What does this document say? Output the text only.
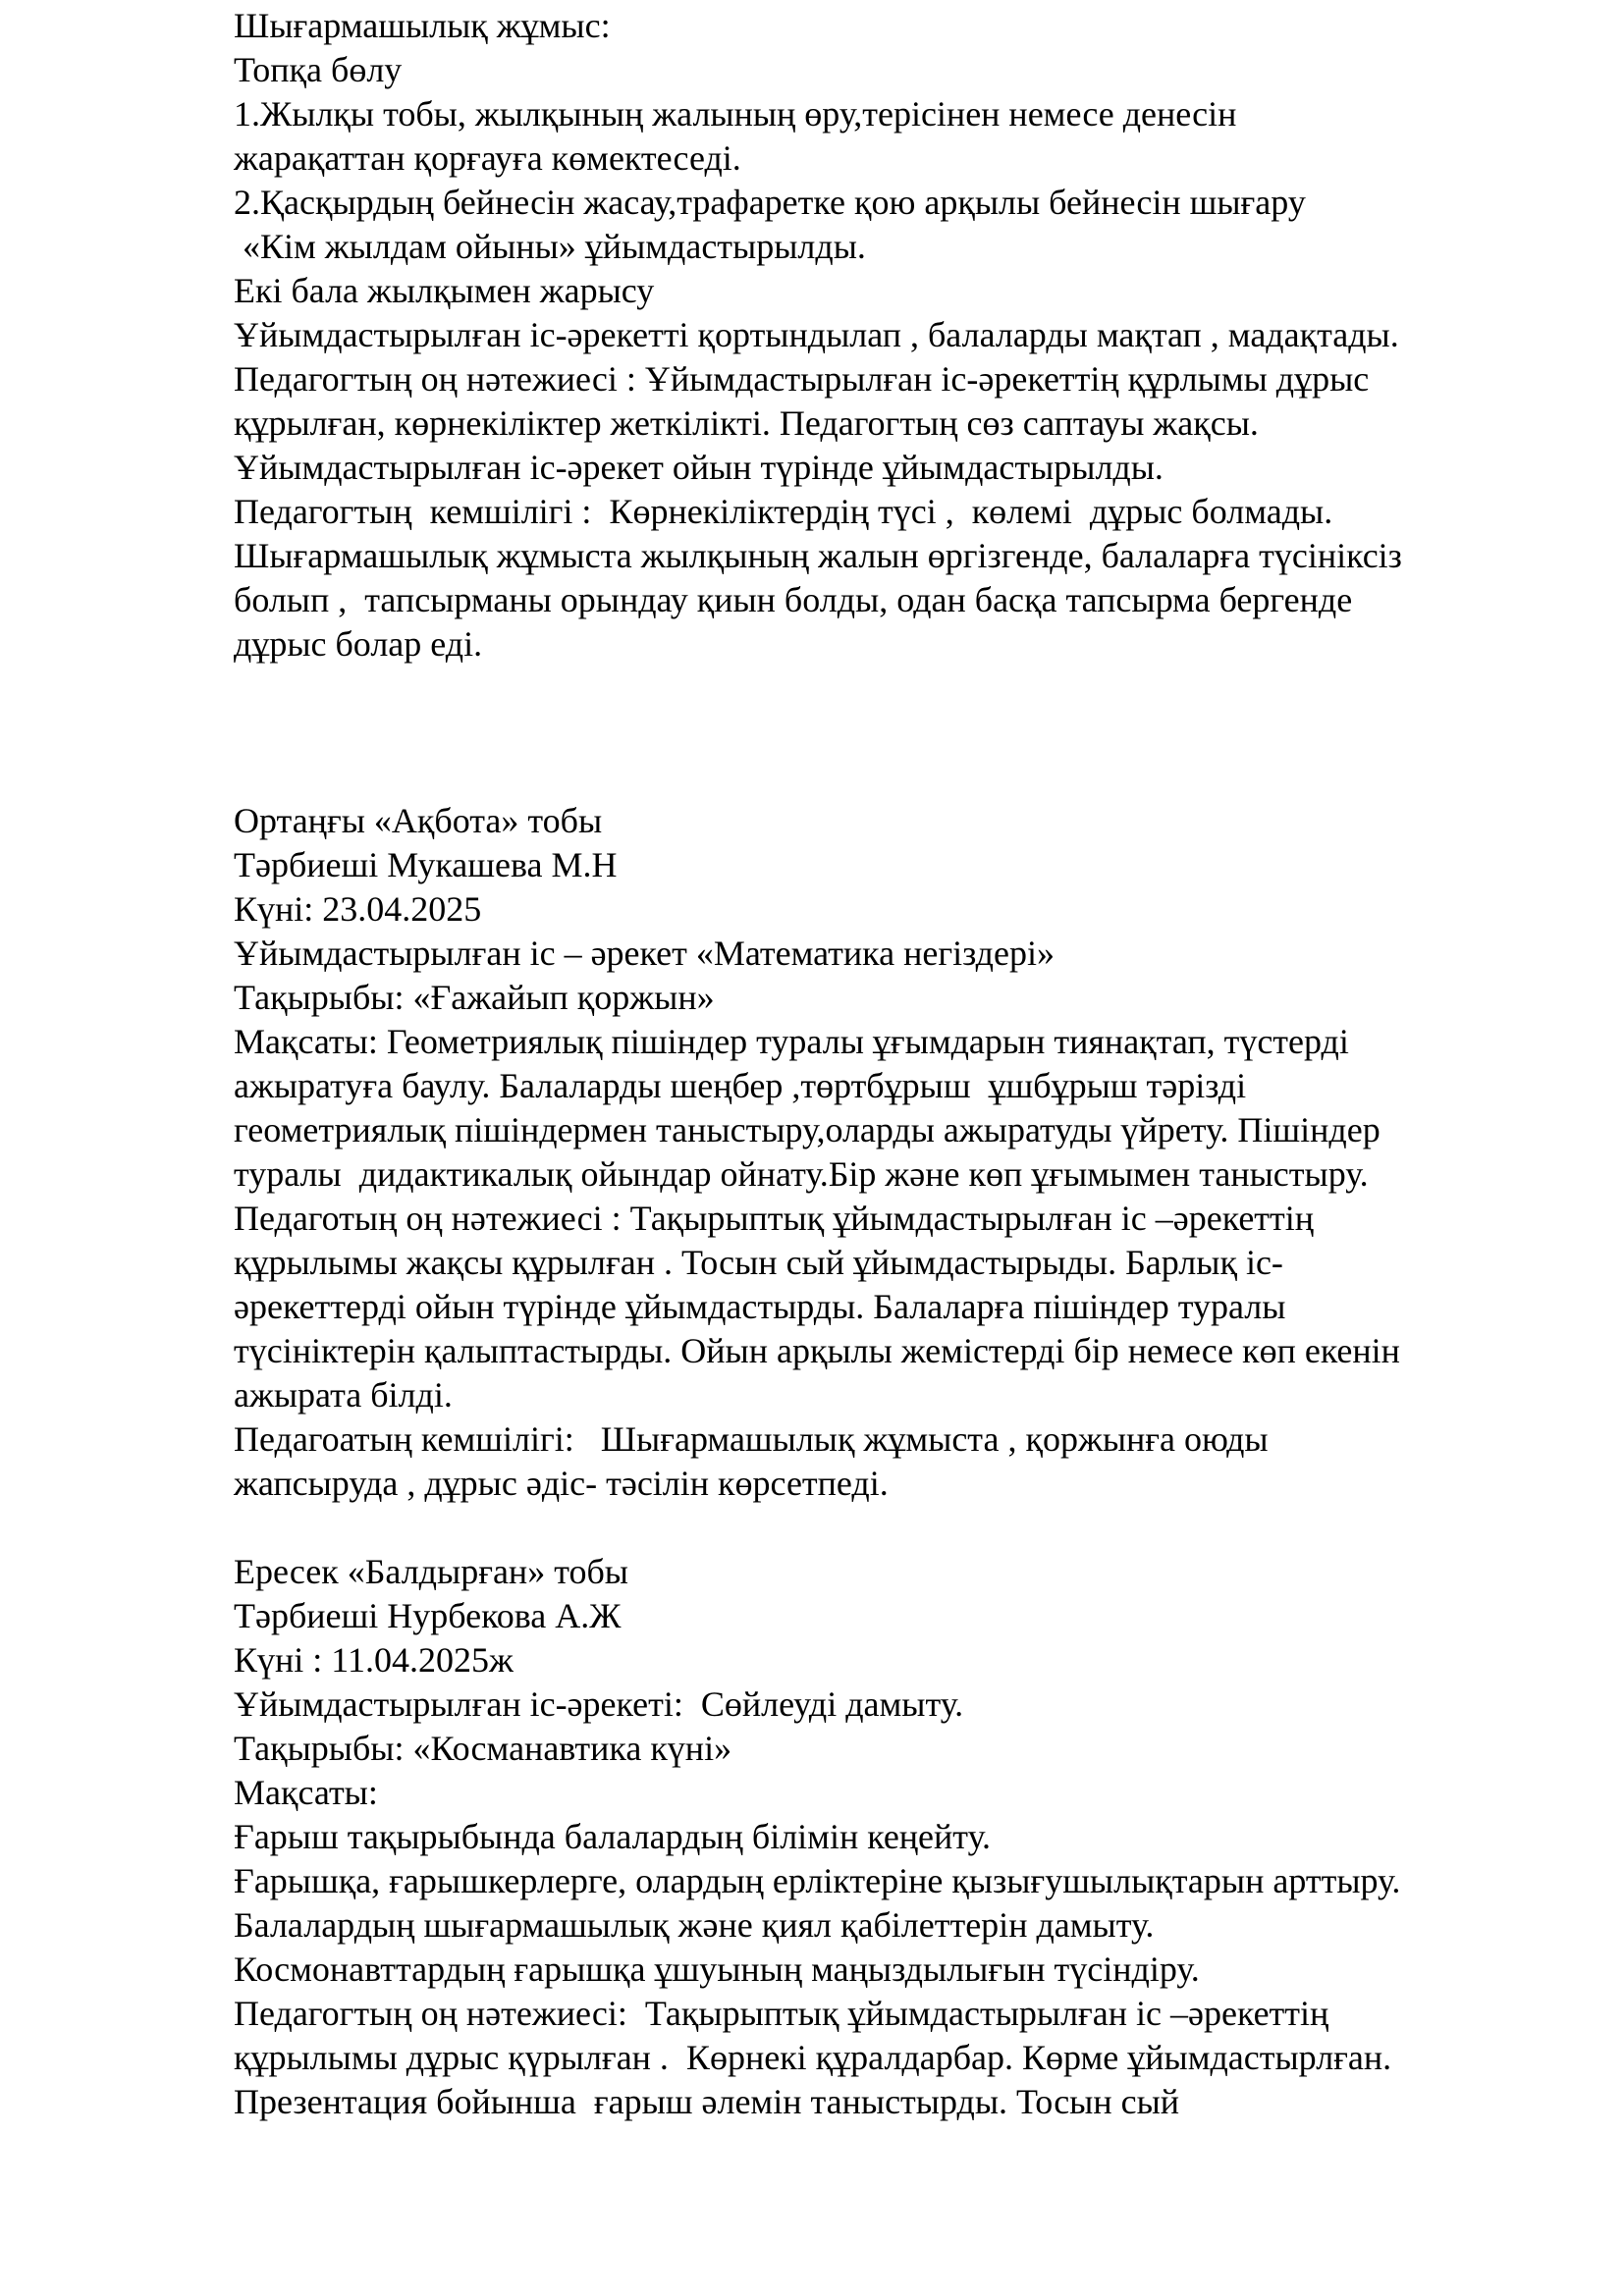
Шығармашылық жұмыс:

Топқа бөлу

1.Жылқы тобы, жылқының жалының өру,терісінен немесе денесін

жарақаттан қорғауға көмектеседі.

2.Қасқырдың бейнесін жасау,трафаретке қою арқылы бейнесін шығару

«Кім жылдам ойыны» ұйымдастырылды.

Екі бала жылқымен жарысу

Ұйымдастырылған іс-әрекетті қортындылап , балаларды мақтап , мадақтады.

Педагогтың оң нәтежиесі : Ұйымдастырылған іс-әрекеттің құрлымы дұрыс

құрылған, көрнекіліктер жеткілікті. Педагогтың сөз саптауы жақсы.

Ұйымдастырылған іс-әрекет ойын түрінде ұйымдастырылды.

Педагогтың  кемшілігі :  Көрнекіліктердің түсі ,  көлемі  дұрыс болмады.

Шығармашылық жұмыста жылқының жалын өргізгенде, балаларға түсініксіз

болып ,  тапсырманы орындау қиын болды, одан басқа тапсырма бергенде

дұрыс болар еді.

Ортаңғы «Ақбота» тобы

Тәрбиеші Мукашева М.Н

Күні: 23.04.2025

Ұйымдастырылған іс – әрекет «Математика негіздері»

Тақырыбы: «Ғажайып қоржын»

Мақсаты: Геометриялық пішіндер туралы ұғымдарын тиянақтап, түстерді

ажыратуға баулу. Балаларды шеңбер ,төртбұрыш  ұшбұрыш тәрізді

геометриялық пішіндермен таныстыру,оларды ажыратуды үйрету. Пішіндер

туралы  дидактикалық ойындар ойнату.Бір және көп ұғымымен таныстыру.

Педаготың оң нәтежиесі : Тақырыптық ұйымдастырылған іс –әрекеттің

құрылымы жақсы құрылған . Тосын сый ұйымдастырыды. Барлық іс-

әрекеттерді ойын түрінде ұйымдастырды. Балаларға пішіндер туралы

түсініктерін қалыптастырды. Ойын арқылы жемістерді бір немесе көп екенін

ажырата білді.

Педагоатың кемшілігі:   Шығармашылық жұмыста , қоржынға оюды

жапсыруда , дұрыс әдіс- тәсілін көрсетпеді.

Ересек «Балдырған» тобы

Тәрбиеші Нурбекова А.Ж

Күні : 11.04.2025ж

Ұйымдастырылған іс-әрекеті:  Сөйлеуді дамыту.

Тақырыбы: «Косманавтика күні»

Мақсаты:

Ғарыш тақырыбында балалардың білімін кеңейту.

Ғарышқа, ғарышкерлерге, олардың ерліктеріне қызығушылықтарын арттыру.

Балалардың шығармашылық және қиял қабілеттерін дамыту.

Космонавттардың ғарышқа ұшуының маңыздылығын түсіндіру.

Педагогтың оң нәтежиесі:  Тақырыптық ұйымдастырылған іс –әрекеттің

құрылымы дұрыс қүрылған .  Көрнекі құралдарбар. Көрме ұйымдастырлған.

Презентация бойынша  ғарыш әлемін таныстырды. Тосын сый
